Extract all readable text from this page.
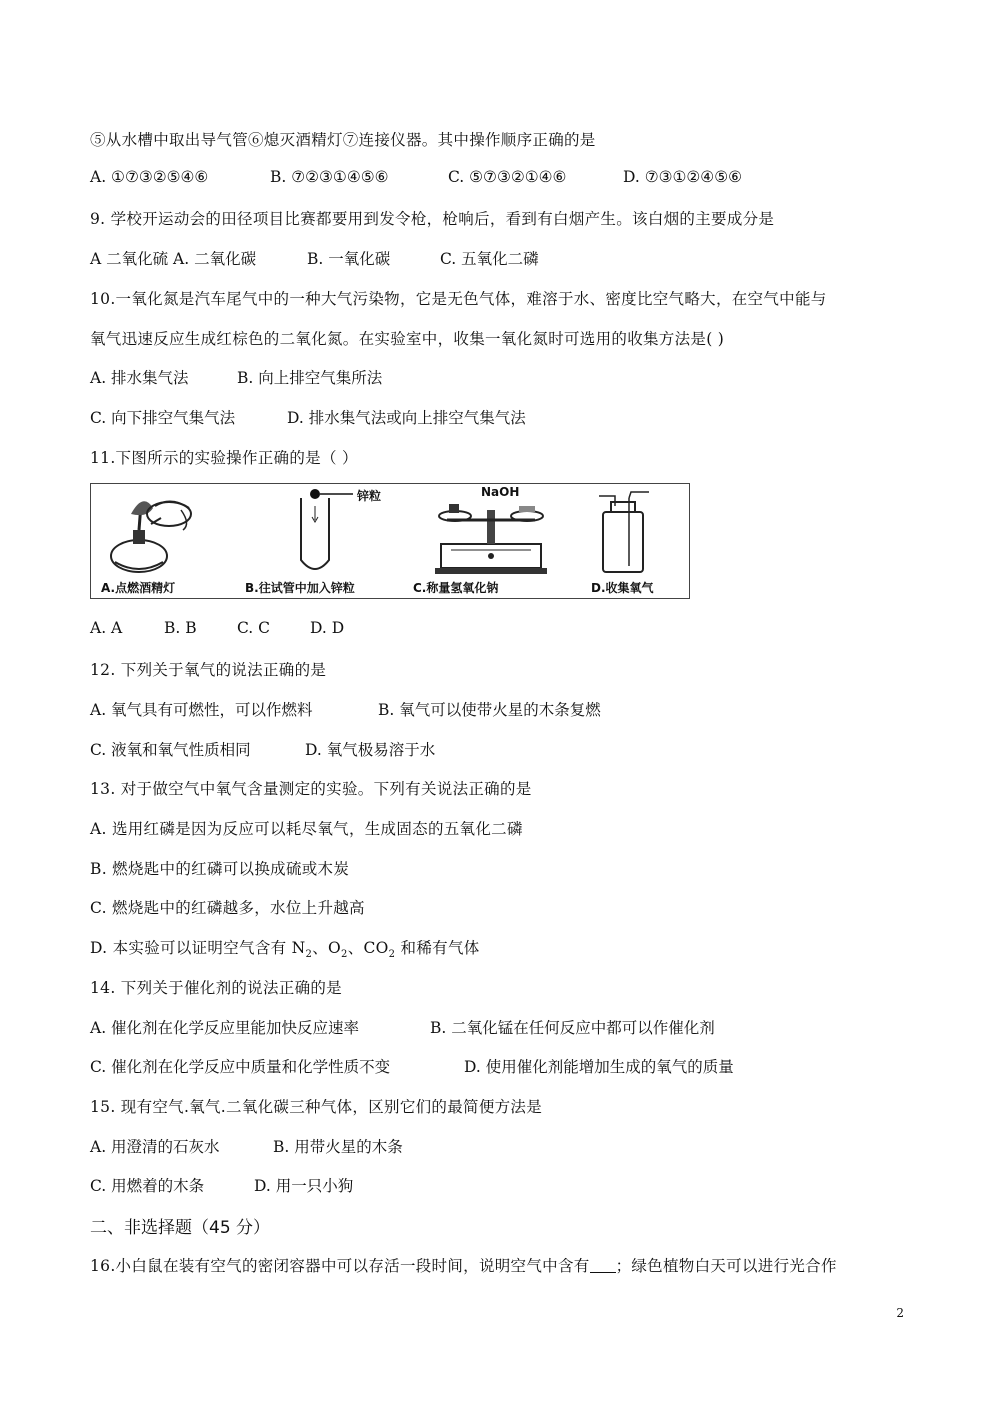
⑤从水槽中取出导气管⑥熄灭酒精灯⑦连接仪器。其中操作顺序正确的是
A. ①⑦③②⑤④⑥	B. ⑦②③①④⑤⑥	C. ⑤⑦③②①④⑥	D. ⑦③①②④⑤⑥
9. 学校开运动会的田径项目比赛都要用到发令枪，枪响后，看到有白烟产生。该白烟的主要成分是
A 二氧化硫 A. 二氧化碳	B. 一氧化碳	C. 五氧化二磷
10.一氧化氮是汽车尾气中的一种大气污染物，它是无色气体，难溶于水、密度比空气略大，在空气中能与
氧气迅速反应生成红棕色的二氧化氮。在实验室中，收集一氧化氮时可选用的收集方法是( )
A. 排水集气法	B. 向上排空气集所法
C. 向下排空气集气法	D. 排水集气法或向上排空气集气法
11.下图所示的实验操作正确的是（ ）
A.点燃酒精灯
锌粒
B.往试管中加入锌粒
NaOH
C.称量氢氧化钠	D.收集氧气
A. A	B. B	C. C	D. D
12. 下列关于氧气的说法正确的是
A. 氧气具有可燃性，可以作燃料	B. 氧气可以使带火星的木条复燃
C. 液氧和氧气性质相同	D. 氧气极易溶于水
13. 对于做空气中氧气含量测定的实验。下列有关说法正确的是
A. 选用红磷是因为反应可以耗尽氧气，生成固态的五氧化二磷
B. 燃烧匙中的红磷可以换成硫或木炭
C. 燃烧匙中的红磷越多，水位上升越高
D. 本实验可以证明空气含有 $N_2$、$O_2$、$CO_2$ 和稀有气体
14. 下列关于催化剂的说法正确的是
A. 催化剂在化学反应里能加快反应速率	B. 二氧化锰在任何反应中都可以作催化剂
C. 催化剂在化学反应中质量和化学性质不变	D. 使用催化剂能增加生成的氧气的质量
15. 现有空气.氧气.二氧化碳三种气体，区别它们的最简便方法是
A. 用澄清的石灰水	B. 用带火星的木条
C. 用燃着的木条	D. 用一只小狗
二、非选择题（45 分）
16.小白鼠在装有空气的密闭容器中可以存活一段时间，说明空气中含有 ；绿色植物白天可以进行光合作
2
